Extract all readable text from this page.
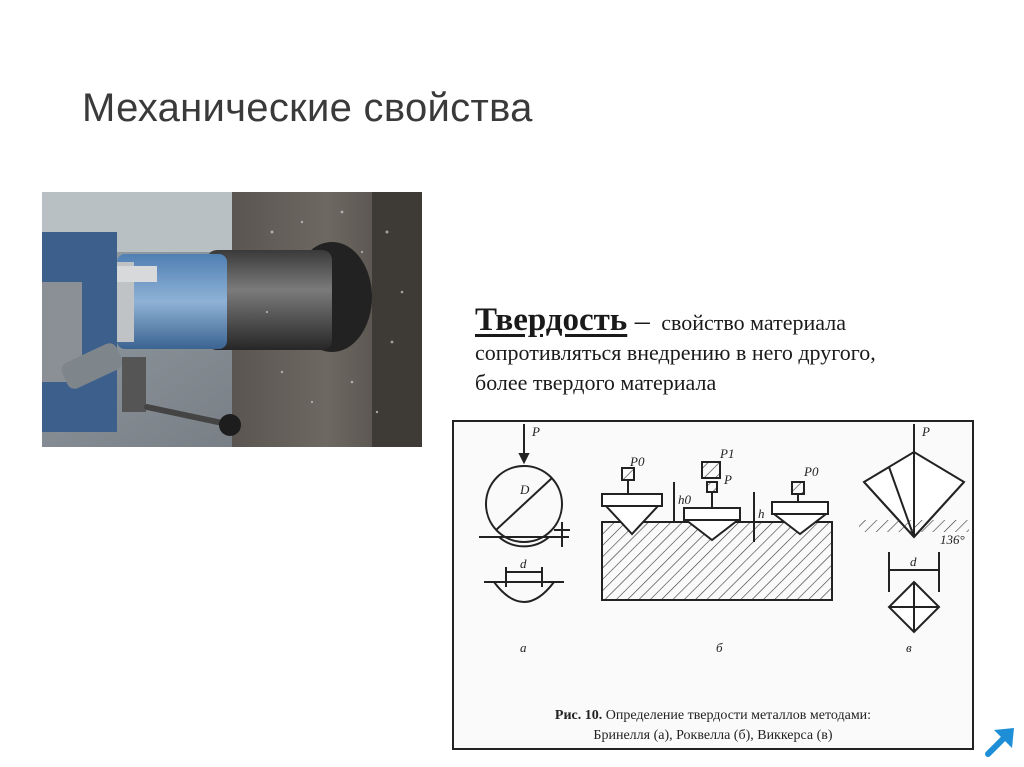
Механические свойства
Твердость – свойство материала
сопротивляться внедрению в него другого,
более твердого материала
P
D
d
P0
P1
P
P0
h0
h
P
136°
d
а	б	в
Рис. 10. Определение твердости металлов методами:
Бринелля (а), Роквелла (б), Виккерса (в)
